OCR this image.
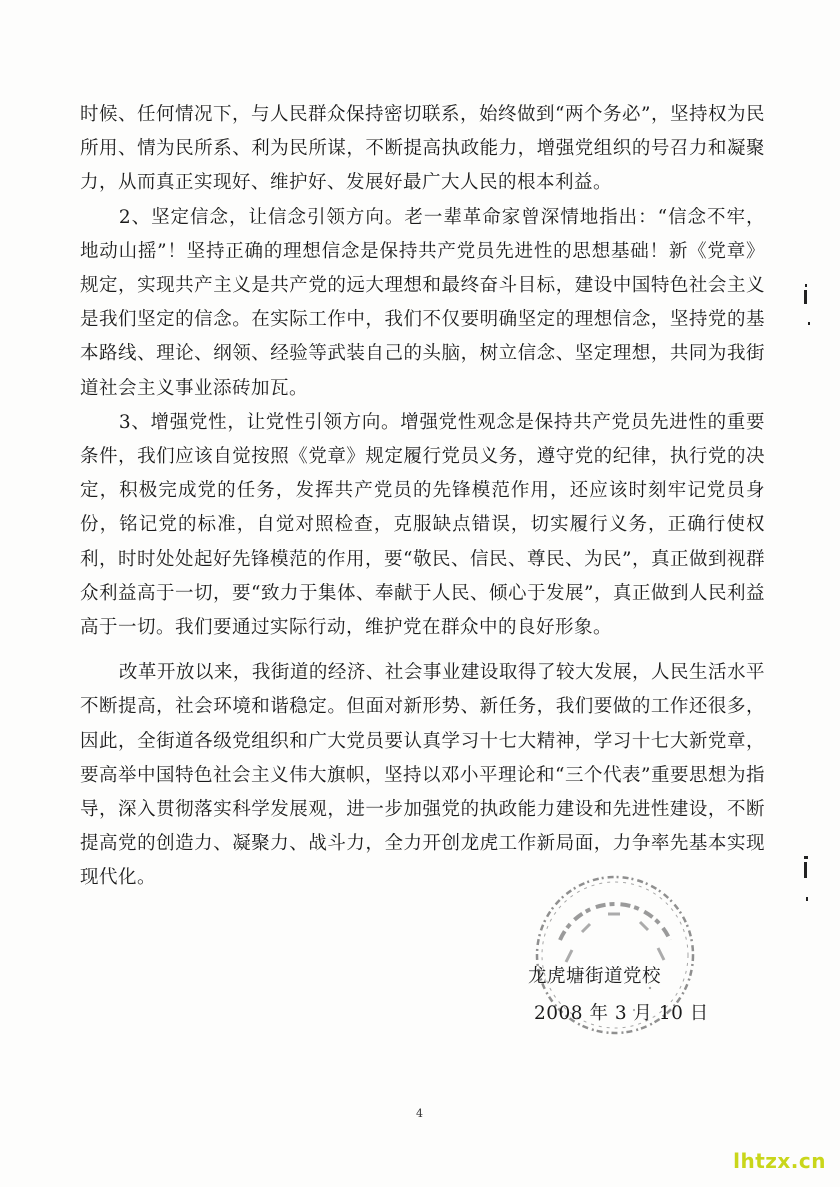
时候、任何情况下，与人民群众保持密切联系，始终做到“两个务必”，坚持权为民所用、情为民所系、利为民所谋，不断提高执政能力，增强党组织的号召力和凝聚力，从而真正实现好、维护好、发展好最广大人民的根本利益。

2、坚定信念，让信念引领方向。老一辈革命家曾深情地指出：“信念不牢，地动山摇”！坚持正确的理想信念是保持共产党员先进性的思想基础！新《党章》规定，实现共产主义是共产党的远大理想和最终奋斗目标，建设中国特色社会主义是我们坚定的信念。在实际工作中，我们不仅要明确坚定的理想信念，坚持党的基本路线、理论、纲领、经验等武装自己的头脑，树立信念、坚定理想，共同为我街道社会主义事业添砖加瓦。

3、增强党性，让党性引领方向。增强党性观念是保持共产党员先进性的重要条件，我们应该自觉按照《党章》规定履行党员义务，遵守党的纪律，执行党的决定，积极完成党的任务，发挥共产党员的先锋模范作用，还应该时刻牢记党员身份，铭记党的标准，自觉对照检查，克服缺点错误，切实履行义务，正确行使权利，时时处处起好先锋模范的作用，要“敬民、信民、尊民、为民”，真正做到视群众利益高于一切，要“致力于集体、奉献于人民、倾心于发展”，真正做到人民利益高于一切。我们要通过实际行动，维护党在群众中的良好形象。

改革开放以来，我街道的经济、社会事业建设取得了较大发展，人民生活水平不断提高，社会环境和谐稳定。但面对新形势、新任务，我们要做的工作还很多，因此，全街道各级党组织和广大党员要认真学习十七大精神，学习十七大新党章，要高举中国特色社会主义伟大旗帜，坚持以邓小平理论和“三个代表”重要思想为指导，深入贯彻落实科学发展观，进一步加强党的执政能力建设和先进性建设，不断提高党的创造力、凝聚力、战斗力，全力开创龙虎工作新局面，力争率先基本实现现代化。

龙虎塘街道党校
2008 年 3 月 10 日
4
lhtzx.cn
